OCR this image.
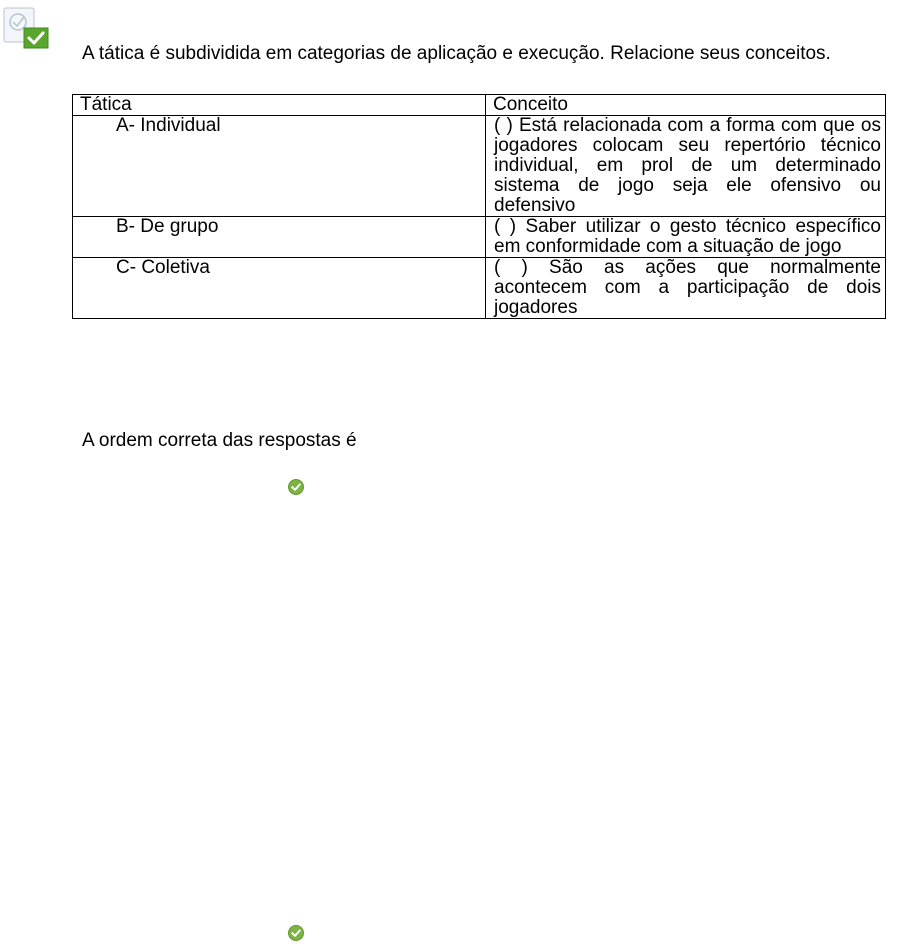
A tática é subdividida em categorias de aplicação e execução. Relacione seus conceitos.

Tática	Conceito
A- Individual	( ) Está relacionada com a forma com que os jogadores colocam seu repertório técnico individual, em prol de um determinado sistema de jogo seja ele ofensivo ou defensivo
B- De grupo	( ) Saber utilizar o gesto técnico específico em conformidade com a situação de jogo
C- Coletiva	( ) São as ações que normalmente acontecem com a participação de dois jogadores

A ordem correta das respostas é
